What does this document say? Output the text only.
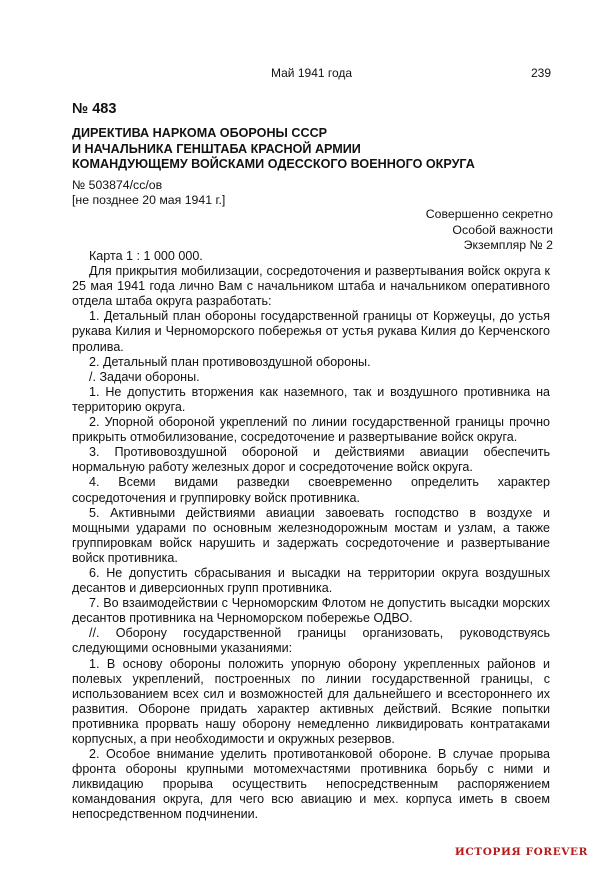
Май 1941 года	239
№ 483
ДИРЕКТИВА НАРКОМА ОБОРОНЫ СССР
И НАЧАЛЬНИКА ГЕНШТАБА КРАСНОЙ АРМИИ
КОМАНДУЮЩЕМУ ВОЙСКАМИ ОДЕССКОГО ВОЕННОГО ОКРУГА
№ 503874/сс/ов
[не позднее 20 мая 1941 г.]
Совершенно секретно
Особой важности
Экземпляр № 2

Карта 1 : 1 000 000.

Для прикрытия мобилизации, сосредоточения и развертывания войск округа к 25 мая 1941 года лично Вам с начальником штаба и начальником оперативного отдела штаба округа разработать:

1. Детальный план обороны государственной границы от Коржеуцы, до устья рукава Килия и Черноморского побережья от устья рукава Килия до Керченского пролива.

2. Детальный план противовоздушной обороны.

/. Задачи обороны.

1. Не допустить вторжения как наземного, так и воздушного противника на территорию округа.

2. Упорной обороной укреплений по линии государственной границы прочно прикрыть отмобилизование, сосредоточение и развертывание войск округа.

3. Противовоздушной обороной и действиями авиации обеспечить нормальную работу железных дорог и сосредоточение войск округа.

4. Всеми видами разведки своевременно определить характер сосредоточения и группировку войск противника.

5. Активными действиями авиации завоевать господство в воздухе и мощными ударами по основным железнодорожным мостам и узлам, а также группировкам войск нарушить и задержать сосредоточение и развертывание войск противника.

6. Не допустить сбрасывания и высадки на территории округа воздушных десантов и диверсионных групп противника.

7. Во взаимодействии с Черноморским Флотом не допустить высадки морских десантов противника на Черноморском побережье ОДВО.

//. Оборону государственной границы организовать, руководствуясь следующими основными указаниями:

1. В основу обороны положить упорную оборону укрепленных районов и полевых укреплений, построенных по линии государственной границы, с использованием всех сил и возможностей для дальнейшего и всестороннего их развития. Обороне придать характер активных действий. Всякие попытки противника прорвать нашу оборону немедленно ликвидировать контратаками корпусных, а при необходимости и окружных резервов.

2. Особое внимание уделить противотанковой обороне. В случае прорыва фронта обороны крупными мотомехчастями противника борьбу с ними и ликвидацию прорыва осуществить непосредственным распоряжением командования округа, для чего всю авиацию и мех. корпуса иметь в своем непосредственном подчинении.

ИСТОРИЯ FOREVER
